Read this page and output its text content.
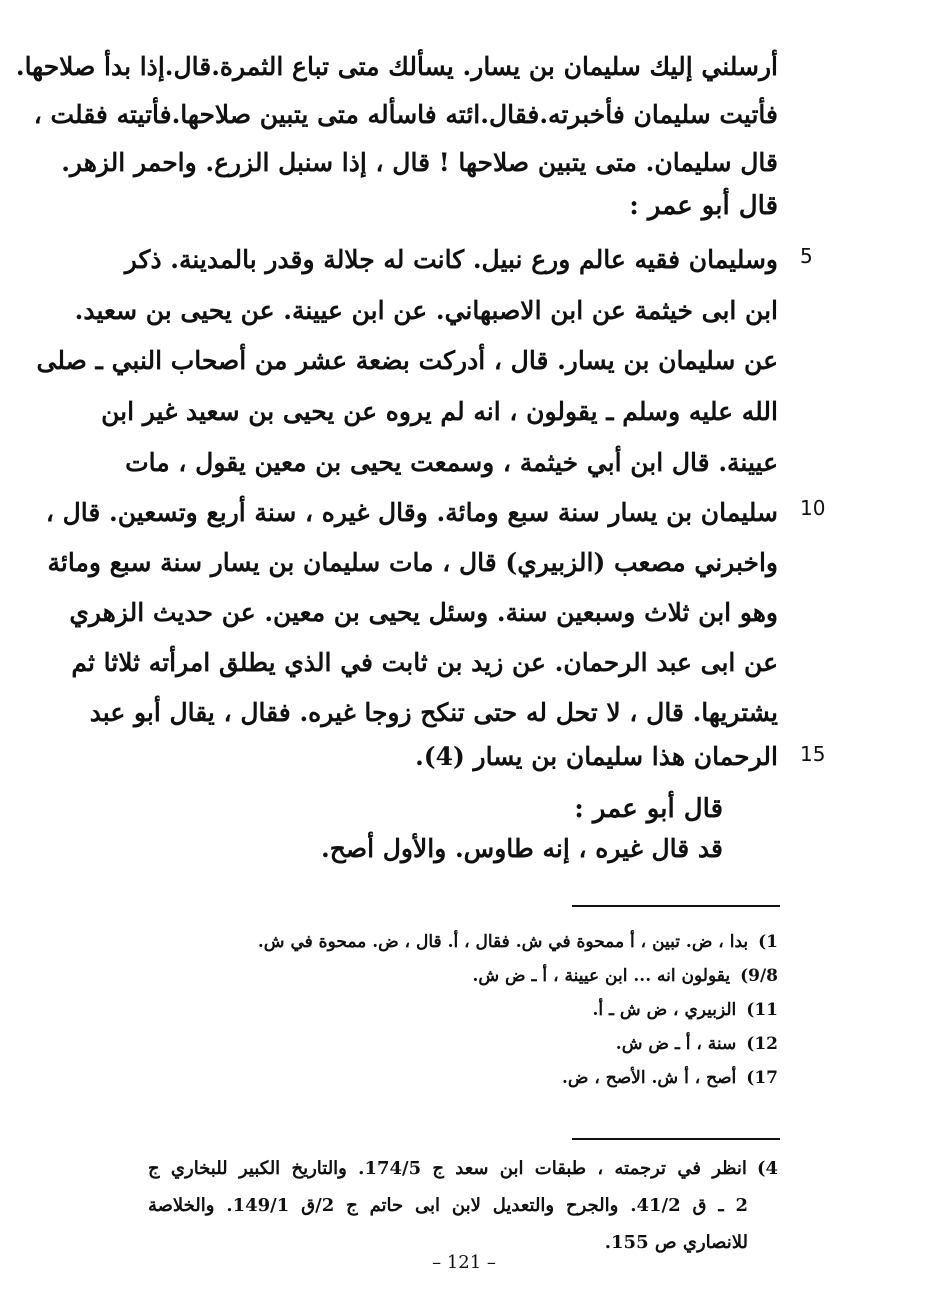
أرسلني إليك سليمان بن يسار. يسألك متى تباع الثمرة.قال.إذا بدأ صلاحها.
فأتيت سليمان فأخبرته.فقال.ائته فاسأله متى يتبين صلاحها.فأتيته فقلت ،
قال سليمان. متى يتبين صلاحها ! قال ، إذا سنبل الزرع. واحمر الزهر.
قال أبو عمر :
وسليمان فقيه عالم ورع نبيل. كانت له جلالة وقدر بالمدينة. ذكر
ابن ابى خيثمة عن ابن الاصبهاني. عن ابن عيينة. عن يحيى بن سعيد.
عن سليمان بن يسار. قال ، أدركت بضعة عشر من أصحاب النبي ـ صلى
الله عليه وسلم ـ يقولون ، انه لم يروه عن يحيى بن سعيد غير ابن
عيينة. قال ابن أبي خيثمة ، وسمعت يحيى بن معين يقول ، مات
سليمان بن يسار سنة سبع ومائة. وقال غيره ، سنة أربع وتسعين. قال ،
واخبرني مصعب (الزبيري) قال ، مات سليمان بن يسار سنة سبع ومائة
وهو ابن ثلاث وسبعين سنة. وسئل يحيى بن معين. عن حديث الزهري
عن ابى عبد الرحمان. عن زيد بن ثابت في الذي يطلق امرأته ثلاثا ثم
يشتريها. قال ، لا تحل له حتى تنكح زوجا غيره. فقال ، يقال أبو عبد
الرحمان هذا سليمان بن يسار (4).
قال أبو عمر :
قد قال غيره ، إنه طاوس. والأول أصح.
5
10
15
1)بدا ، ض. تبين ، أ ممحوة في ش. فقال ، أ. قال ، ض. ممحوة في ش.
9/8)يقولون انه ... ابن عيينة ، أ ـ ض ش.
11)الزبيري ، ض ش ـ أ.
12)سنة ، أ ـ ض ش.
17)أصح ، أ ش. الأصح ، ض.
4)انظر في ترجمته ، طبقات ابن سعد ج 174/5. والتاريخ الكبير للبخاري ج
2 ـ ق 41/2. والجرح والتعديل لابن ابى حاتم ج 2/ق 149/1. والخلاصة
للانصاري ص 155.
– 121 –
